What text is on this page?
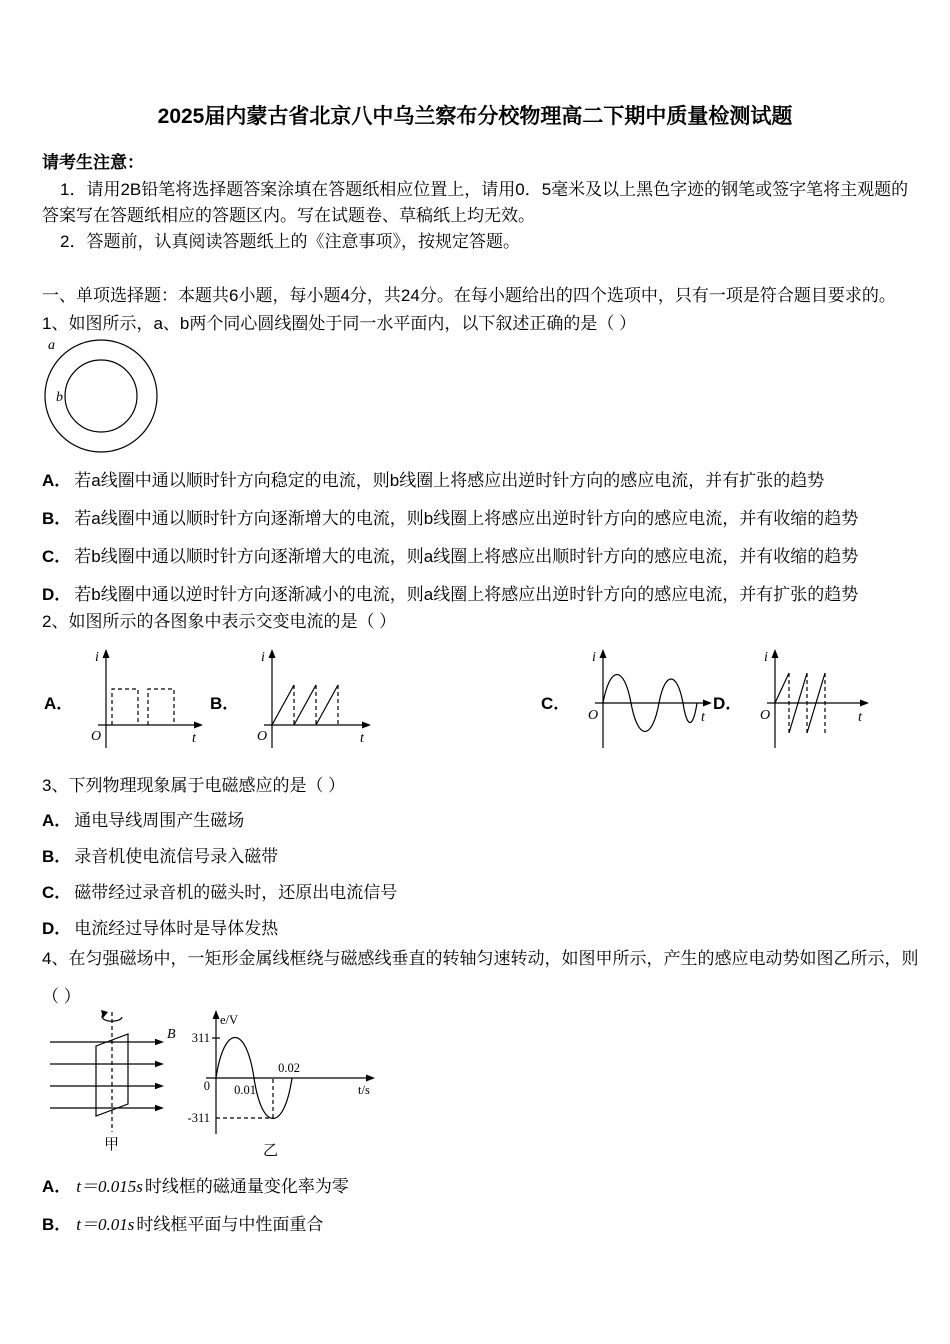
2025届内蒙古省北京八中乌兰察布分校物理高二下期中质量检测试题
请考生注意：
1．请用2B铅笔将选择题答案涂填在答题纸相应位置上，请用0．5毫米及以上黑色字迹的钢笔或签字笔将主观题的答案写在答题纸相应的答题区内。写在试题卷、草稿纸上均无效。
2．答题前，认真阅读答题纸上的《注意事项》，按规定答题。
一、单项选择题：本题共6小题，每小题4分，共24分。在每小题给出的四个选项中，只有一项是符合题目要求的。
1、如图所示，a、b两个同心圆线圈处于同一水平面内，以下叙述正确的是（ ）
a
b
A． 若a线圈中通以顺时针方向稳定的电流，则b线圈上将感应出逆时针方向的感应电流，并有扩张的趋势
B． 若a线圈中通以顺时针方向逐渐增大的电流，则b线圈上将感应出逆时针方向的感应电流，并有收缩的趋势
C． 若b线圈中通以顺时针方向逐渐增大的电流，则a线圈上将感应出顺时针方向的感应电流，并有收缩的趋势
D． 若b线圈中通以逆时针方向逐渐减小的电流，则a线圈上将感应出逆时针方向的感应电流，并有扩张的趋势
2、如图所示的各图象中表示交变电流的是（ ）
A．
i
O	t
B．
i
O	t
C．
i
O	t
D．
i
O	t
3、下列物理现象属于电磁感应的是（ ）
A． 通电导线周围产生磁场
B． 录音机使电流信号录入磁带
C． 磁带经过录音机的磁头时，还原出电流信号
D． 电流经过导体时是导体发热
4、在匀强磁场中，一矩形金属线框绕与磁感线垂直的转轴匀速转动，如图甲所示，产生的感应电动势如图乙所示，则
（ ）
B
甲
e/V
311
0
-311
0.01
0.02
t/s
乙
A． t＝0.015s 时线框的磁通量变化率为零
B． t＝0.01s 时线框平面与中性面重合
